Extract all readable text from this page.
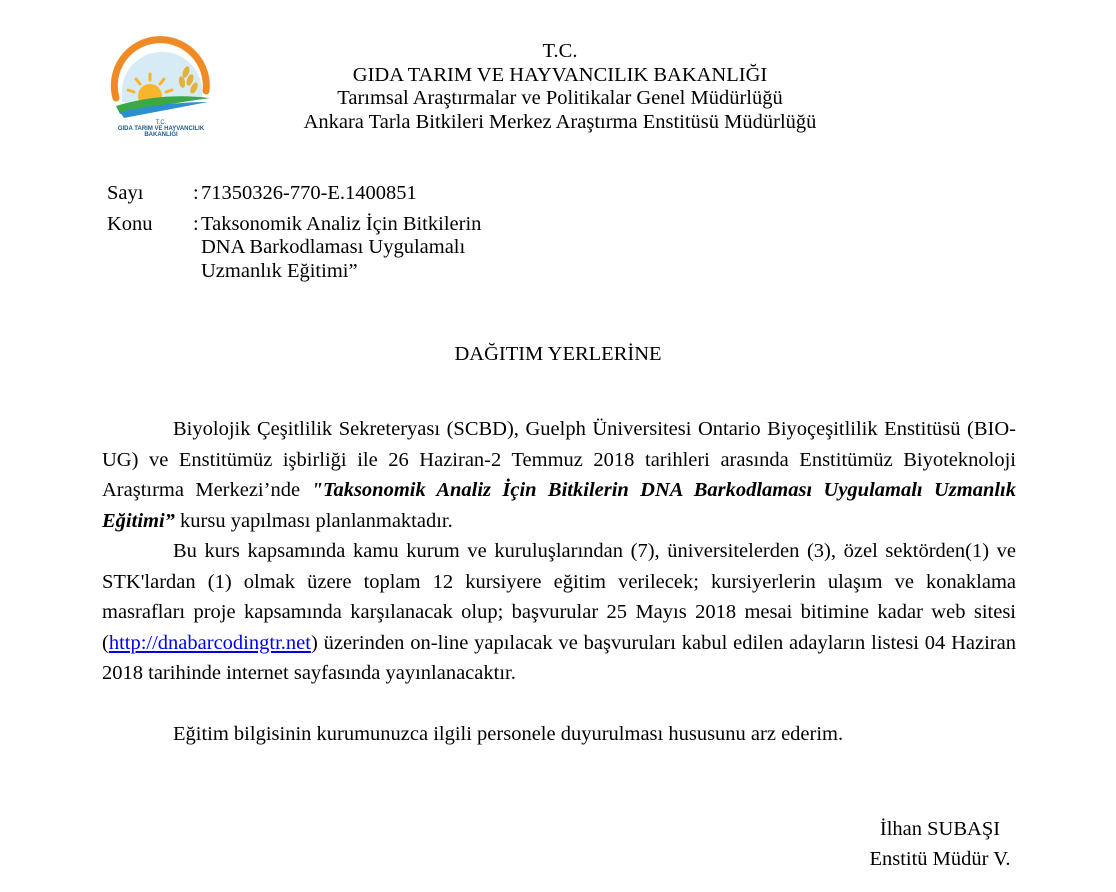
T.C.
GIDA TARIM VE HAYVANCILIK
BAKANLIĞI
T.C.
GIDA TARIM VE HAYVANCILIK BAKANLIĞI
Tarımsal Araştırmalar ve Politikalar Genel Müdürlüğü
Ankara Tarla Bitkileri Merkez Araştırma Enstitüsü Müdürlüğü
Sayı	: 71350326-770-E.1400851
Konu	: Taksonomik Analiz İçin Bitkilerin
DNA Barkodlaması Uygulamalı
Uzmanlık Eğitimi”
DAĞITIM YERLERİNE

Biyolojik Çeşitlilik Sekreteryası (SCBD), Guelph Üniversitesi Ontario Biyoçeşitlilik Enstitüsü (BIO-UG) ve Enstitümüz işbirliği ile 26 Haziran-2 Temmuz 2018 tarihleri arasında Enstitümüz Biyoteknoloji Araştırma Merkezi’nde "Taksonomik Analiz İçin Bitkilerin DNA Barkodlaması Uygulamalı Uzmanlık Eğitimi” kursu yapılması planlanmaktadır.

Bu kurs kapsamında kamu kurum ve kuruluşlarından (7), üniversitelerden (3), özel sektörden(1) ve STK'lardan (1) olmak üzere toplam 12 kursiyere eğitim verilecek; kursiyerlerin ulaşım ve konaklama masrafları proje kapsamında karşılanacak olup; başvurular 25 Mayıs 2018 mesai bitimine kadar web sitesi (http://dnabarcodingtr.net) üzerinden on-line yapılacak ve başvuruları kabul edilen adayların listesi 04 Haziran 2018 tarihinde internet sayfasında yayınlanacaktır.

Eğitim bilgisinin kurumunuzca ilgili personele duyurulması hususunu arz ederim.

İlhan SUBAŞI
Enstitü Müdür V.
